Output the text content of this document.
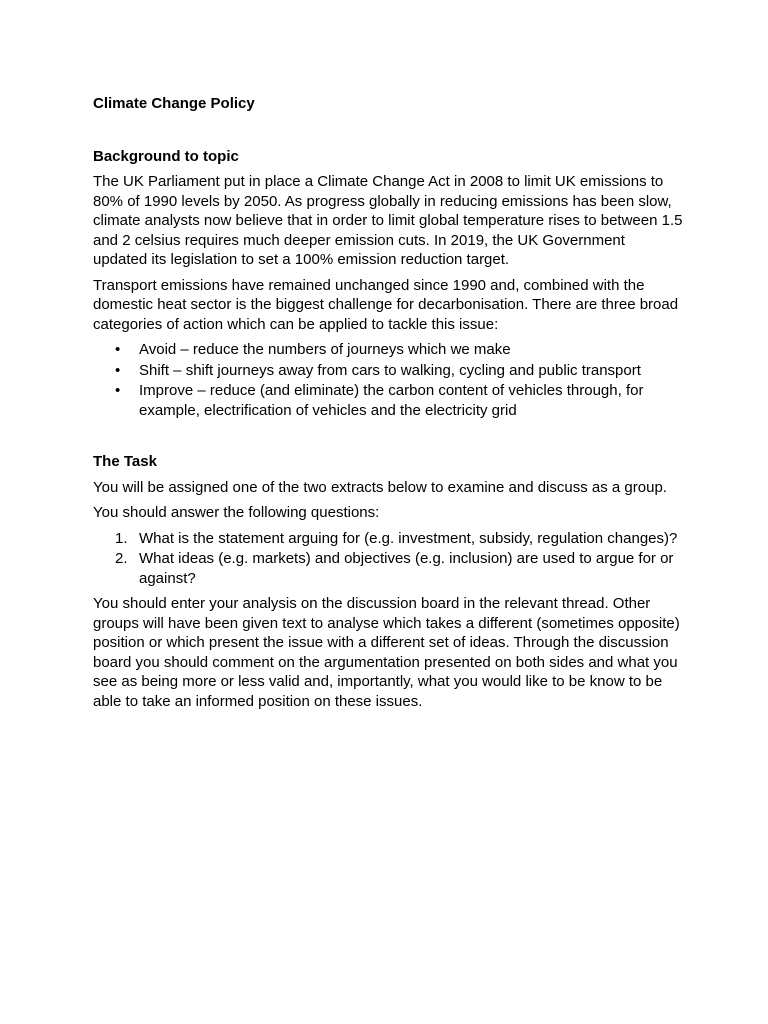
Climate Change Policy
Background to topic

The UK Parliament put in place a Climate Change Act in 2008 to limit UK emissions to 80% of 1990 levels by 2050. As progress globally in reducing emissions has been slow, climate analysts now believe that in order to limit global temperature rises to between 1.5 and 2 celsius requires much deeper emission cuts. In 2019, the UK Government updated its legislation to set a 100% emission reduction target.

Transport emissions have remained unchanged since 1990 and, combined with the domestic heat sector is the biggest challenge for decarbonisation. There are three broad categories of action which can be applied to tackle this issue:

• Avoid – reduce the numbers of journeys which we make
• Shift – shift journeys away from cars to walking, cycling and public transport
• Improve – reduce (and eliminate) the carbon content of vehicles through, for example, electrification of vehicles and the electricity grid
The Task

You will be assigned one of the two extracts below to examine and discuss as a group.

You should answer the following questions:

1. What is the statement arguing for (e.g. investment, subsidy, regulation changes)?
2. What ideas (e.g. markets) and objectives (e.g. inclusion) are used to argue for or against?

You should enter your analysis on the discussion board in the relevant thread. Other groups will have been given text to analyse which takes a different (sometimes opposite) position or which present the issue with a different set of ideas. Through the discussion board you should comment on the argumentation presented on both sides and what you see as being more or less valid and, importantly, what you would like to be know to be able to take an informed position on these issues.
